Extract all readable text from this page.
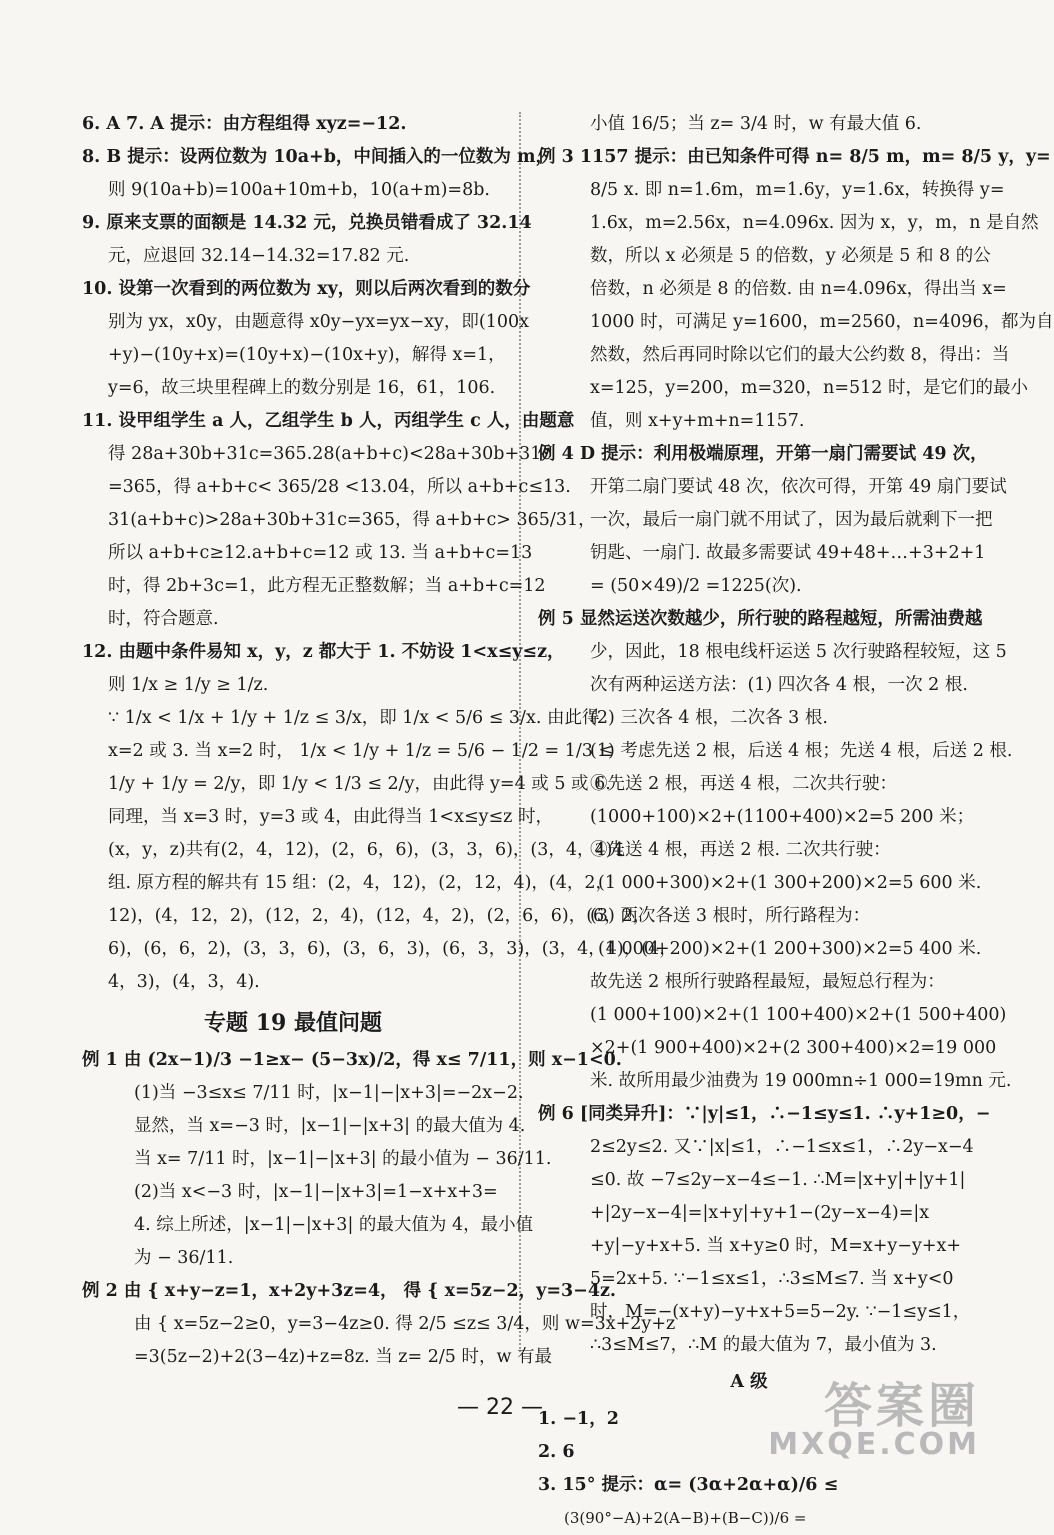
6. A 7. A 提示：由方程组得 xyz=−12.
8. B 提示：设两位数为 10a+b，中间插入的一位数为 m，
则 9(10a+b)=100a+10m+b，10(a+m)=8b.
9. 原来支票的面额是 14.32 元，兑换员错看成了 32.14
元，应退回 32.14−14.32=17.82 元.
10. 设第一次看到的两位数为 xy，则以后两次看到的数分
别为 yx，x0y，由题意得 x0y−yx=yx−xy，即(100x
+y)−(10y+x)=(10y+x)−(10x+y)，解得 x=1，
y=6，故三块里程碑上的数分别是 16，61，106.
11. 设甲组学生 a 人，乙组学生 b 人，丙组学生 c 人，由题意
得 28a+30b+31c=365.28(a+b+c)<28a+30b+31c
=365，得 a+b+c< 365/28 <13.04，所以 a+b+c≤13.
31(a+b+c)>28a+30b+31c=365，得 a+b+c> 365/31，
所以 a+b+c≥12.a+b+c=12 或 13. 当 a+b+c=13
时，得 2b+3c=1，此方程无正整数解；当 a+b+c=12
时，符合题意.
12. 由题中条件易知 x，y，z 都大于 1. 不妨设 1<x≤y≤z，
则 1/x ≥ 1/y ≥ 1/z.
∵ 1/x < 1/x + 1/y + 1/z ≤ 3/x，即 1/x < 5/6 ≤ 3/x. 由此得
x=2 或 3. 当 x=2 时， 1/x < 1/y + 1/z = 5/6 − 1/2 = 1/3 ≤
1/y + 1/y = 2/y，即 1/y < 1/3 ≤ 2/y，由此得 y=4 或 5 或 6.
同理，当 x=3 时，y=3 或 4，由此得当 1<x≤y≤z 时，
(x，y，z)共有(2，4，12)，(2，6，6)，(3，3，6)，(3，4，4)4
组. 原方程的解共有 15 组：(2，4，12)，(2，12，4)，(4，2，
12)，(4，12，2)，(12，2，4)，(12，4，2)，(2，6，6)，(6，2，
6)，(6，6，2)，(3，3，6)，(3，6，3)，(6，3，3)，(3，4，4)，(4，
4，3)，(4，3，4).
专题 19 最值问题
例 1 由 (2x−1)/3 −1≥x− (5−3x)/2，得 x≤ 7/11，则 x−1<0.
(1)当 −3≤x≤ 7/11 时，|x−1|−|x+3|=−2x−2.
显然，当 x=−3 时，|x−1|−|x+3| 的最大值为 4.
当 x= 7/11 时，|x−1|−|x+3| 的最小值为 − 36/11.
(2)当 x<−3 时，|x−1|−|x+3|=1−x+x+3=
4. 综上所述，|x−1|−|x+3| 的最大值为 4，最小值
为 − 36/11.
例 2 由 { x+y−z=1，x+2y+3z=4， 得 { x=5z−2，y=3−4z.
由 { x=5z−2≥0，y=3−4z≥0. 得 2/5 ≤z≤ 3/4，则 w=3x+2y+z
=3(5z−2)+2(3−4z)+z=8z. 当 z= 2/5 时，w 有最
小值 16/5；当 z= 3/4 时，w 有最大值 6.
例 3 1157 提示：由已知条件可得 n= 8/5 m，m= 8/5 y，y=
8/5 x. 即 n=1.6m，m=1.6y，y=1.6x，转换得 y=
1.6x，m=2.56x，n=4.096x. 因为 x，y，m，n 是自然
数，所以 x 必须是 5 的倍数，y 必须是 5 和 8 的公
倍数，n 必须是 8 的倍数. 由 n=4.096x，得出当 x=
1000 时，可满足 y=1600，m=2560，n=4096，都为自
然数，然后再同时除以它们的最大公约数 8，得出：当
x=125，y=200，m=320，n=512 时，是它们的最小
值，则 x+y+m+n=1157.
例 4 D 提示：利用极端原理，开第一扇门需要试 49 次，
开第二扇门要试 48 次，依次可得，开第 49 扇门要试
一次，最后一扇门就不用试了，因为最后就剩下一把
钥匙、一扇门. 故最多需要试 49+48+…+3+2+1
= (50×49)/2 =1225(次).
例 5 显然运送次数越少，所行驶的路程越短，所需油费越
少，因此，18 根电线杆运送 5 次行驶路程较短，这 5
次有两种运送方法：(1) 四次各 4 根，一次 2 根.
(2) 三次各 4 根，二次各 3 根.
(1) 考虑先送 2 根，后送 4 根；先送 4 根，后送 2 根.
①先送 2 根，再送 4 根，二次共行驶：
(1000+100)×2+(1100+400)×2=5 200 米；
②先送 4 根，再送 2 根. 二次共行驶：
(1 000+300)×2+(1 300+200)×2=5 600 米.
(3) 两次各送 3 根时，所行路程为：
(1 000+200)×2+(1 200+300)×2=5 400 米.
故先送 2 根所行驶路程最短，最短总行程为：
(1 000+100)×2+(1 100+400)×2+(1 500+400)
×2+(1 900+400)×2+(2 300+400)×2=19 000
米. 故所用最少油费为 19 000mn÷1 000=19mn 元.
例 6 [同类异升]：∵|y|≤1，∴−1≤y≤1. ∴y+1≥0，−
2≤2y≤2. 又∵|x|≤1，∴−1≤x≤1，∴2y−x−4
≤0. 故 −7≤2y−x−4≤−1. ∴M=|x+y|+|y+1|
+|2y−x−4|=|x+y|+y+1−(2y−x−4)=|x
+y|−y+x+5. 当 x+y≥0 时，M=x+y−y+x+
5=2x+5. ∵−1≤x≤1，∴3≤M≤7. 当 x+y<0
时，M=−(x+y)−y+x+5=5−2y. ∵−1≤y≤1，
∴3≤M≤7，∴M 的最大值为 7，最小值为 3.
A 级
1. −1，2
2. 6
3. 15° 提示：α= (3α+2α+α)/6 ≤
(3(90°−A)+2(A−B)+(B−C))/6 =
— 22 —	答案圈
MXQE.COM
